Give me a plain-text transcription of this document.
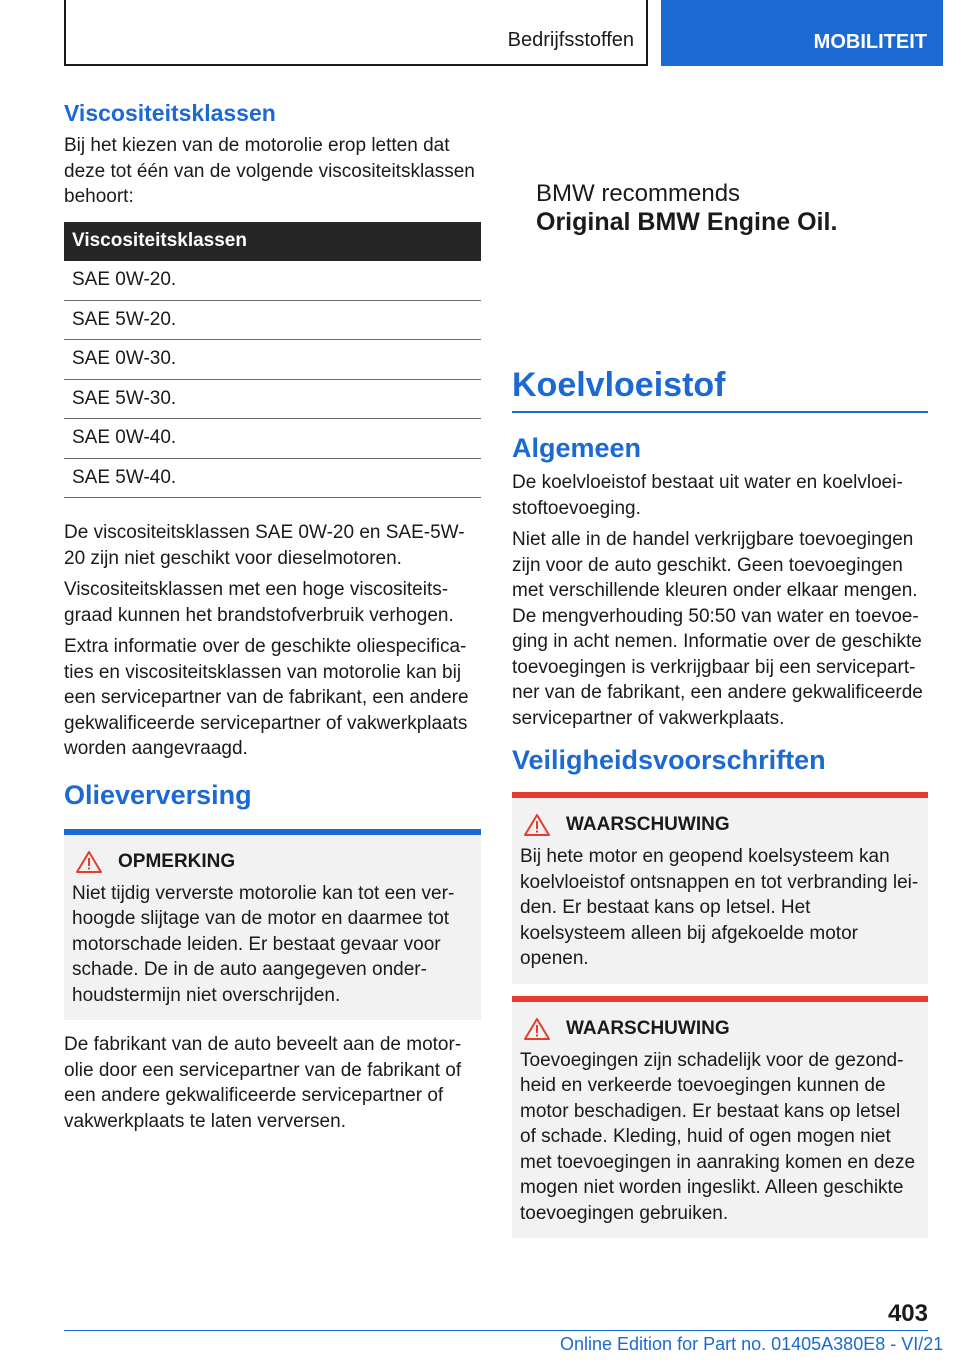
Bedrijfsstoffen	MOBILITEIT
Viscositeitsklassen

Bij het kiezen van de motorolie erop letten dat deze tot één van de volgende viscositeitsklassen behoort:

Viscositeitsklassen
SAE 0W-20.
SAE 5W-20.
SAE 0W-30.
SAE 5W-30.
SAE 0W-40.
SAE 5W-40.

De viscositeitsklassen SAE 0W-20 en SAE-5W-20 zijn niet geschikt voor dieselmotoren.

Viscositeitsklassen met een hoge viscositeitsgraad kunnen het brandstofverbruik verhogen.

Extra informatie over de geschikte oliespecificaties en viscositeitsklassen van motorolie kan bij een servicepartner van de fabrikant, een andere gekwalificeerde servicepartner of vakwerkplaats worden aangevraagd.

Olieverversing
OPMERKING

Niet tijdig ververste motorolie kan tot een verhoogde slijtage van de motor en daarmee tot motorschade leiden. Er bestaat gevaar voor schade. De in de auto aangegeven onderhoudstermijn niet overschrijden.

De fabrikant van de auto beveelt aan de motorolie door een servicepartner van de fabrikant of een andere gekwalificeerde servicepartner of vakwerkplaats te laten verversen.

BMW recommends
Original BMW Engine Oil.
Koelvloeistof
Algemeen

De koelvloeistof bestaat uit water en koelvloeistoftoevoeging.

Niet alle in de handel verkrijgbare toevoegingen zijn voor de auto geschikt. Geen toevoegingen met verschillende kleuren onder elkaar mengen. De mengverhouding 50:50 van water en toevoeging in acht nemen. Informatie over de geschikte toevoegingen is verkrijgbaar bij een servicepartner van de fabrikant, een andere gekwalificeerde servicepartner of vakwerkplaats.

Veiligheidsvoorschriften
WAARSCHUWING

Bij hete motor en geopend koelsysteem kan koelvloeistof ontsnappen en tot verbranding leiden. Er bestaat kans op letsel. Het koelsysteem alleen bij afgekoelde motor openen.

WAARSCHUWING

Toevoegingen zijn schadelijk voor de gezondheid en verkeerde toevoegingen kunnen de motor beschadigen. Er bestaat kans op letsel of schade. Kleding, huid of ogen mogen niet met toevoegingen in aanraking komen en deze mogen niet worden ingeslikt. Alleen geschikte toevoegingen gebruiken.

403
Online Edition for Part no. 01405A380E8 - VI/21
